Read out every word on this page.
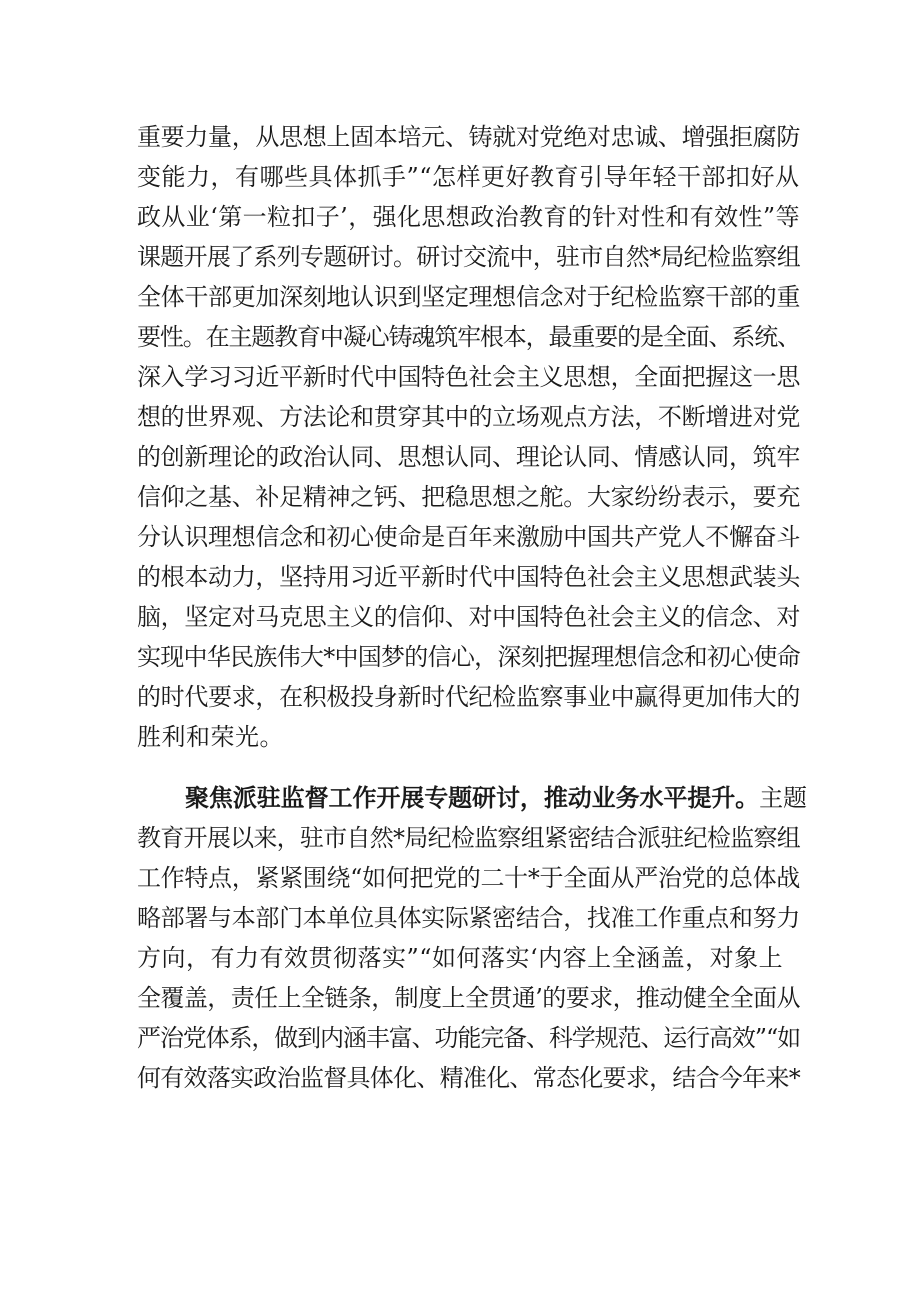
重要力量，从思想上固本培元、铸就对党绝对忠诚、增强拒腐防
变能力，有哪些具体抓手”“怎样更好教育引导年轻干部扣好从
政从业‘第一粒扣子’，强化思想政治教育的针对性和有效性”等
课题开展了系列专题研讨。研讨交流中，驻市自然*局纪检监察组
全体干部更加深刻地认识到坚定理想信念对于纪检监察干部的重
要性。在主题教育中凝心铸魂筑牢根本，最重要的是全面、系统、
深入学习习近平新时代中国特色社会主义思想，全面把握这一思
想的世界观、方法论和贯穿其中的立场观点方法，不断增进对党
的创新理论的政治认同、思想认同、理论认同、情感认同，筑牢
信仰之基、补足精神之钙、把稳思想之舵。大家纷纷表示，要充
分认识理想信念和初心使命是百年来激励中国共产党人不懈奋斗
的根本动力，坚持用习近平新时代中国特色社会主义思想武装头
脑，坚定对马克思主义的信仰、对中国特色社会主义的信念、对
实现中华民族伟大*中国梦的信心，深刻把握理想信念和初心使命
的时代要求，在积极投身新时代纪检监察事业中赢得更加伟大的
胜利和荣光。
聚焦派驻监督工作开展专题研讨，推动业务水平提升。主题
教育开展以来，驻市自然*局纪检监察组紧密结合派驻纪检监察组
工作特点，紧紧围绕“如何把党的二十*于全面从严治党的总体战
略部署与本部门本单位具体实际紧密结合，找准工作重点和努力
方向，有力有效贯彻落实”“如何落实‘内容上全涵盖，对象上
全覆盖，责任上全链条，制度上全贯通’的要求，推动健全全面从
严治党体系，做到内涵丰富、功能完备、科学规范、运行高效”“如
何有效落实政治监督具体化、精准化、常态化要求，结合今年来*
